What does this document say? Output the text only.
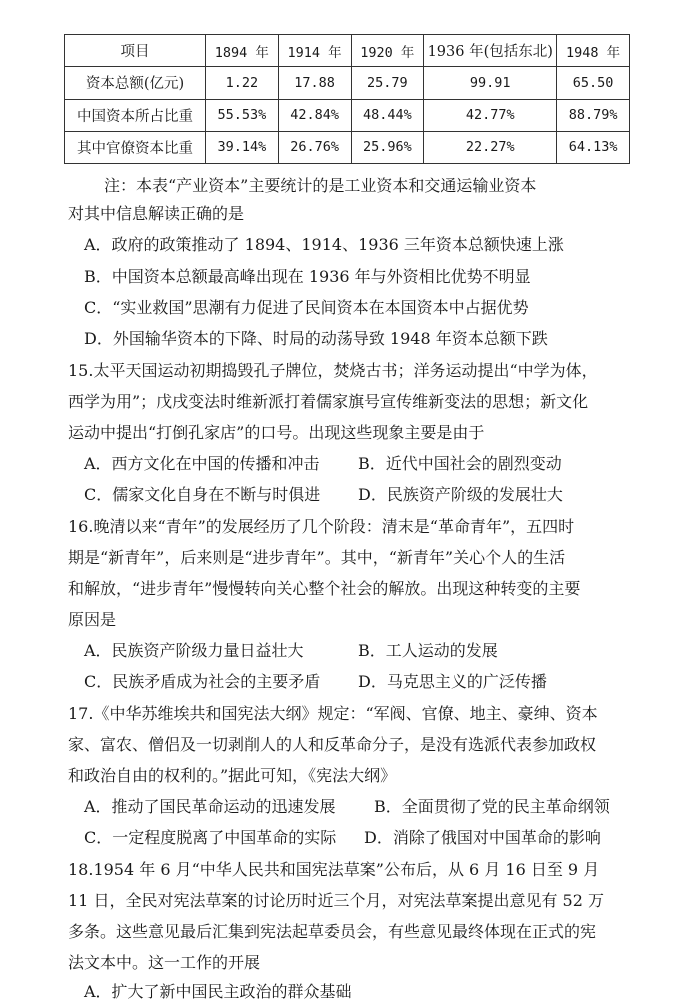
项目	1894 年	1914 年	1920 年	1936 年(包括东北)	1948 年
资本总额(亿元)	1.22	17.88	25.79	99.91	65.50
中国资本所占比重	55.53%	42.84%	48.44%	42.77%	88.79%
其中官僚资本比重	39.14%	26.76%	25.96%	22.27%	64.13%
注：本表“产业资本”主要统计的是工业资本和交通运输业资本
对其中信息解读正确的是
A．政府的政策推动了 1894、1914、1936 三年资本总额快速上涨
B．中国资本总额最高峰出现在 1936 年与外资相比优势不明显
C．“实业救国”思潮有力促进了民间资本在本国资本中占据优势
D．外国输华资本的下降、时局的动荡导致 1948 年资本总额下跌
15.太平天国运动初期捣毁孔子牌位，焚烧古书；洋务运动提出“中学为体，
西学为用”；戊戌变法时维新派打着儒家旗号宣传维新变法的思想；新文化
运动中提出“打倒孔家店”的口号。出现这些现象主要是由于
A．西方文化在中国的传播和冲击 B．近代中国社会的剧烈变动
C．儒家文化自身在不断与时俱进 D．民族资产阶级的发展壮大
16.晚清以来“青年”的发展经历了几个阶段：清末是“革命青年”，五四时
期是“新青年”，后来则是“进步青年”。其中，“新青年”关心个人的生活
和解放，“进步青年”慢慢转向关心整个社会的解放。出现这种转变的主要
原因是
A．民族资产阶级力量日益壮大	B．工人运动的发展
C．民族矛盾成为社会的主要矛盾 D．马克思主义的广泛传播
17.《中华苏维埃共和国宪法大纲》规定：“军阀、官僚、地主、豪绅、资本
家、富农、僧侣及一切剥削人的人和反革命分子，是没有选派代表参加政权
和政治自由的权利的。”据此可知，《宪法大纲》
A．推动了国民革命运动的迅速发展 B．全面贯彻了党的民主革命纲领
C．一定程度脱离了中国革命的实际 D．消除了俄国对中国革命的影响
18.1954 年 6 月“中华人民共和国宪法草案”公布后，从 6 月 16 日至 9 月
11 日，全民对宪法草案的讨论历时近三个月，对宪法草案提出意见有 52 万
多条。这些意见最后汇集到宪法起草委员会，有些意见最终体现在正式的宪
法文本中。这一工作的开展
A．扩大了新中国民主政治的群众基础
